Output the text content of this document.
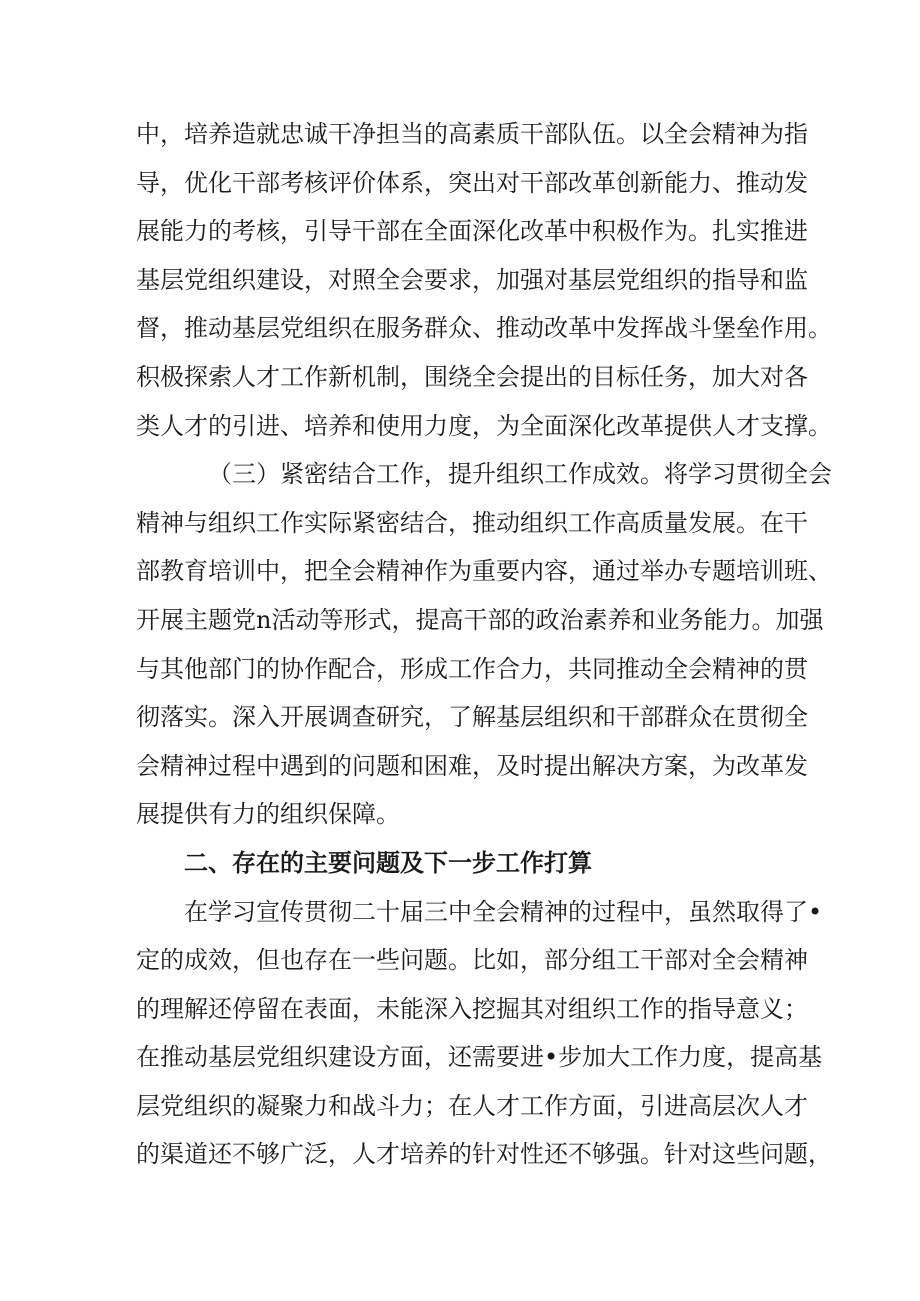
中，培养造就忠诚干净担当的高素质干部队伍。以全会精神为指
导，优化干部考核评价体系，突出对干部改革创新能力、推动发
展能力的考核，引导干部在全面深化改革中积极作为。扎实推进
基层党组织建设，对照全会要求，加强对基层党组织的指导和监
督，推动基层党组织在服务群众、推动改革中发挥战斗堡垒作用。
积极探索人才工作新机制，围绕全会提出的目标任务，加大对各
类人才的引进、培养和使用力度，为全面深化改革提供人才支撑。
（三）紧密结合工作，提升组织工作成效。将学习贯彻全会
精神与组织工作实际紧密结合，推动组织工作高质量发展。在干
部教育培训中，把全会精神作为重要内容，通过举办专题培训班、
开展主题党n活动等形式，提高干部的政治素养和业务能力。加强
与其他部门的协作配合，形成工作合力，共同推动全会精神的贯
彻落实。深入开展调查研究，了解基层组织和干部群众在贯彻全
会精神过程中遇到的问题和困难，及时提出解决方案，为改革发
展提供有力的组织保障。
二、存在的主要问题及下一步工作打算
在学习宣传贯彻二十届三中全会精神的过程中，虽然取得了•
定的成效，但也存在一些问题。比如，部分组工干部对全会精神
的理解还停留在表面，未能深入挖掘其对组织工作的指导意义；
在推动基层党组织建设方面，还需要进•步加大工作力度，提高基
层党组织的凝聚力和战斗力；在人才工作方面，引进高层次人才
的渠道还不够广泛，人才培养的针对性还不够强。针对这些问题，
